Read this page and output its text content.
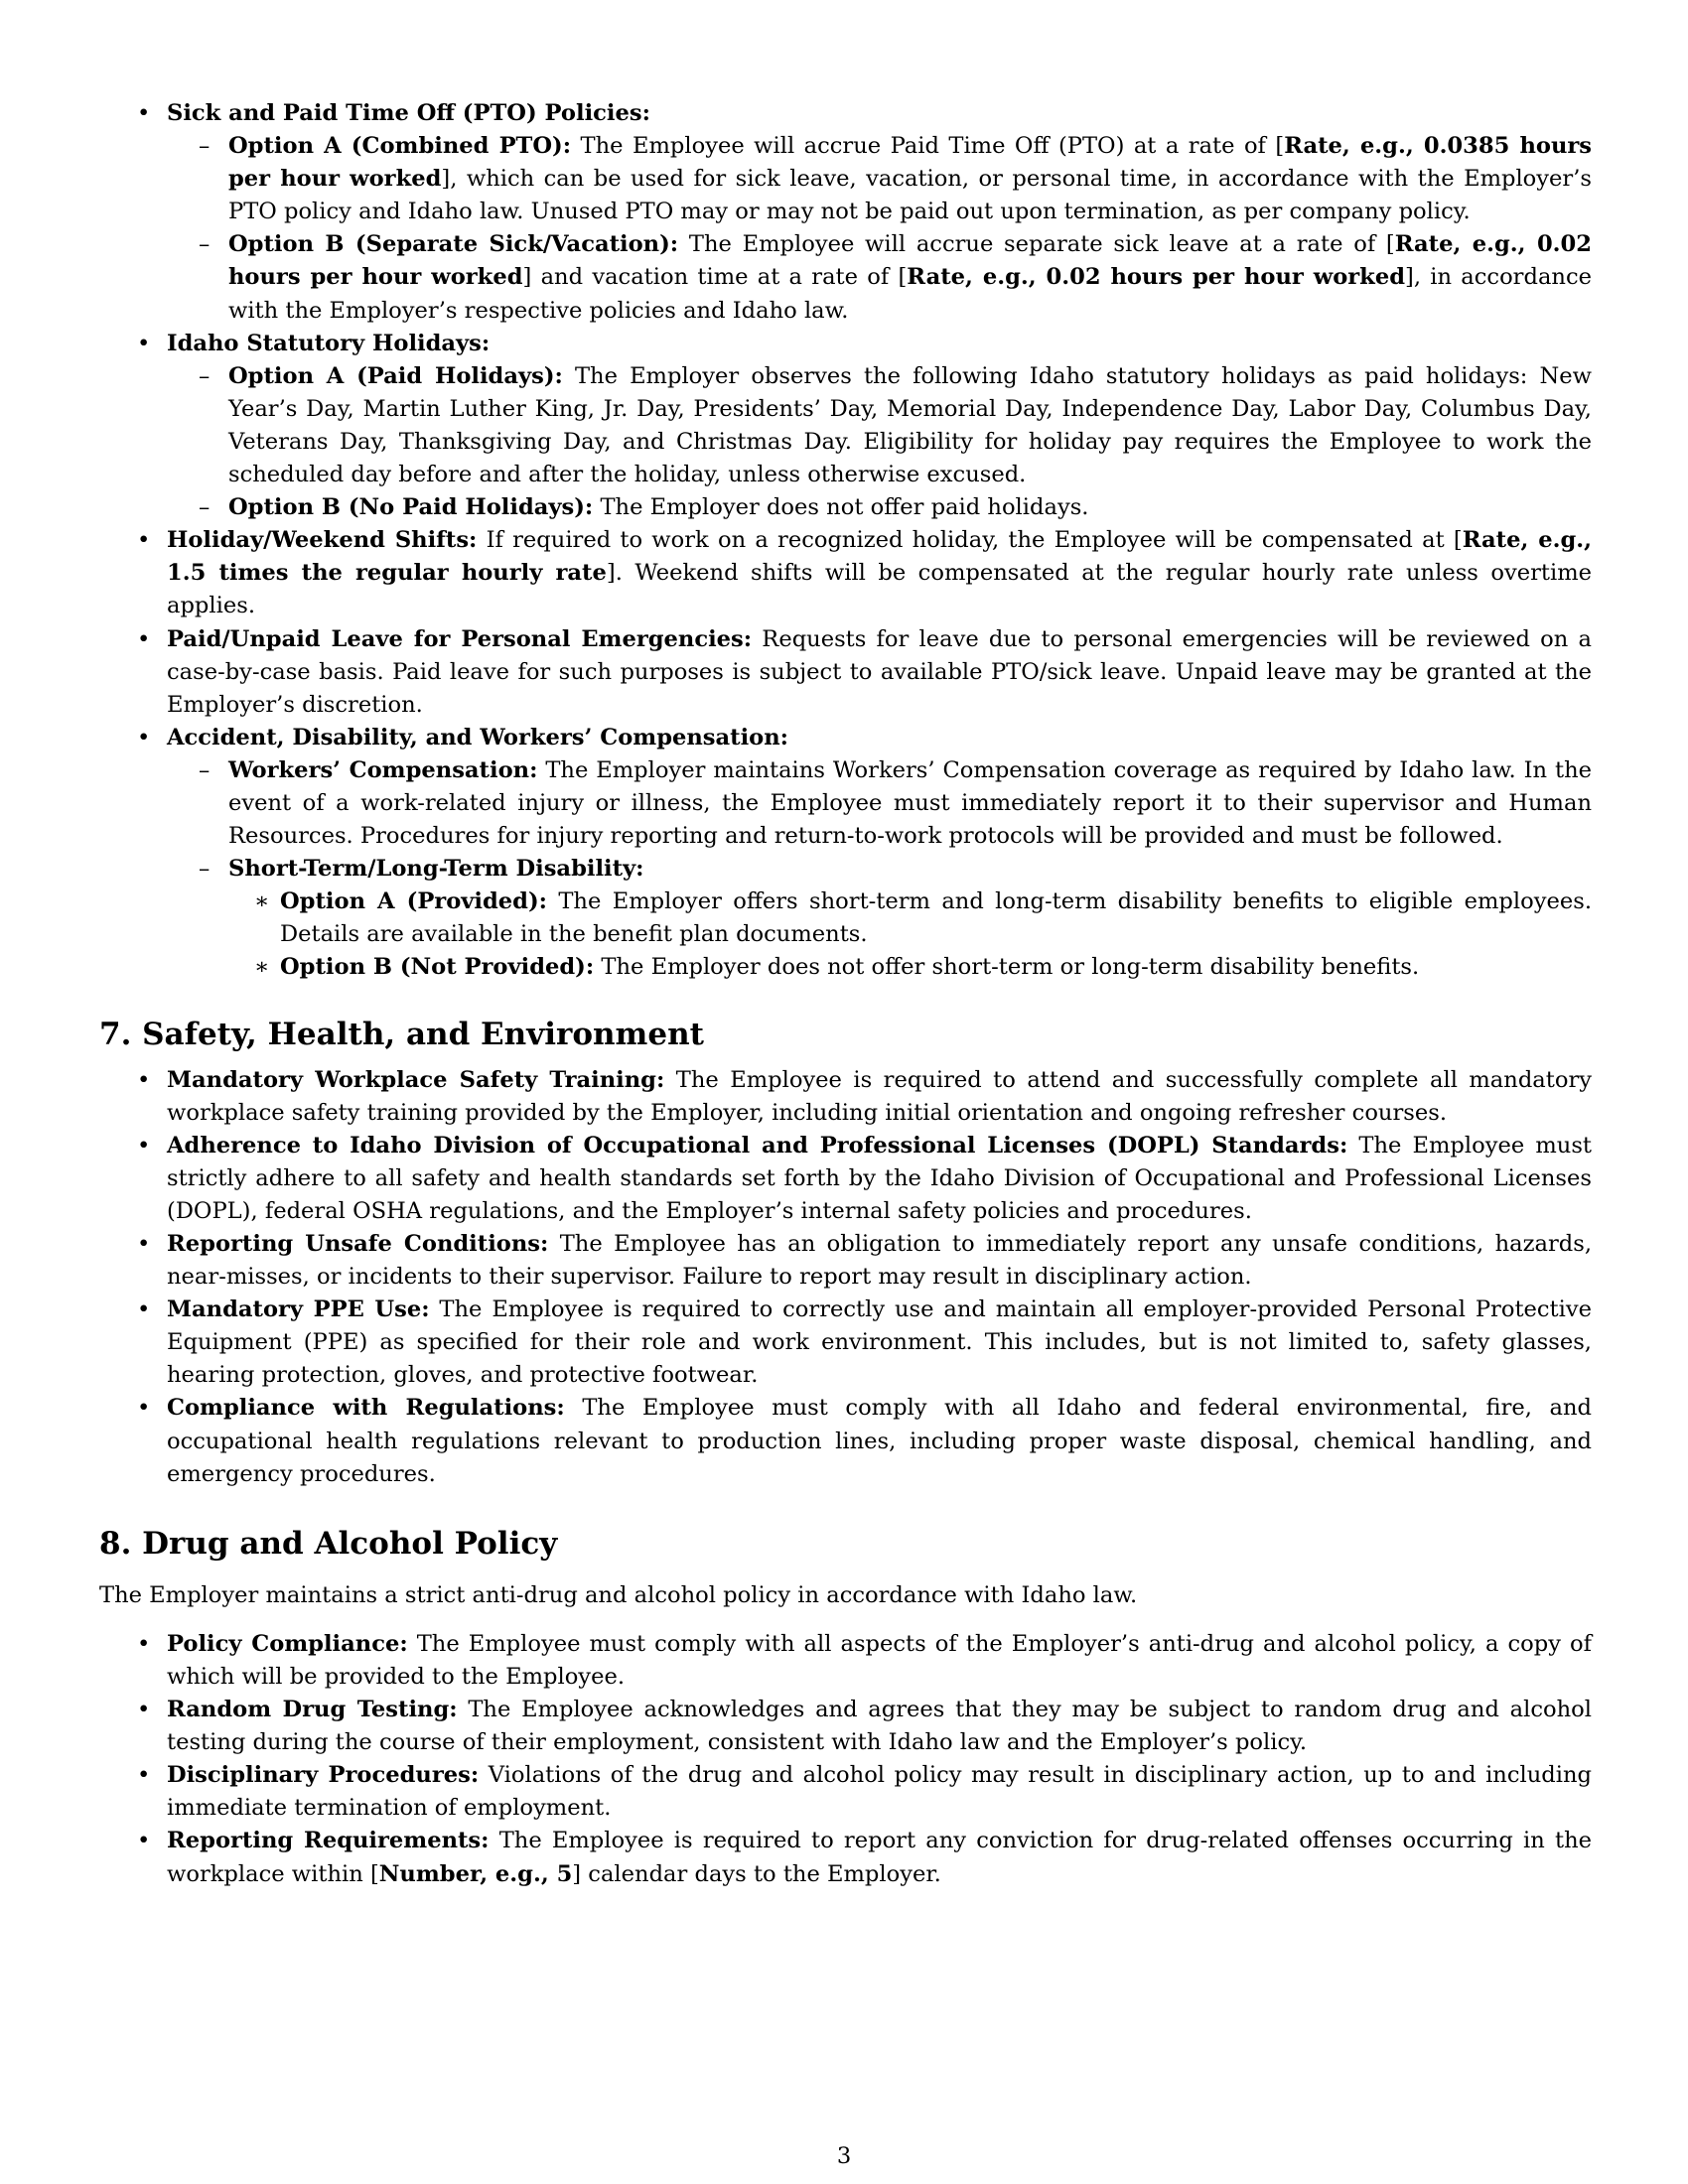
• Sick and Paid Time Off (PTO) Policies:
– Option A (Combined PTO): The Employee will accrue Paid Time Off (PTO) at a rate of [Rate, e.g., 0.0385 hours per hour worked], which can be used for sick leave, vacation, or personal time, in accordance with the Employer’s PTO policy and Idaho law. Unused PTO may or may not be paid out upon termination, as per company policy.
– Option B (Separate Sick/Vacation): The Employee will accrue separate sick leave at a rate of [Rate, e.g., 0.02 hours per hour worked] and vacation time at a rate of [Rate, e.g., 0.02 hours per hour worked], in accordance with the Employer’s respective policies and Idaho law.
• Idaho Statutory Holidays:
– Option A (Paid Holidays): The Employer observes the following Idaho statutory holidays as paid holidays: New Year’s Day, Martin Luther King, Jr. Day, Presidents’ Day, Memorial Day, Independence Day, Labor Day, Columbus Day, Veterans Day, Thanksgiving Day, and Christmas Day. Eligibility for holiday pay requires the Employee to work the scheduled day before and after the holiday, unless otherwise excused.
– Option B (No Paid Holidays): The Employer does not offer paid holidays.
• Holiday/Weekend Shifts: If required to work on a recognized holiday, the Employee will be compensated at [Rate, e.g., 1.5 times the regular hourly rate]. Weekend shifts will be compensated at the regular hourly rate unless overtime applies.
• Paid/Unpaid Leave for Personal Emergencies: Requests for leave due to personal emergencies will be reviewed on a case-by-case basis. Paid leave for such purposes is subject to available PTO/sick leave. Unpaid leave may be granted at the Employer’s discretion.
• Accident, Disability, and Workers’ Compensation:
– Workers’ Compensation: The Employer maintains Workers’ Compensation coverage as required by Idaho law. In the event of a work-related injury or illness, the Employee must immediately report it to their supervisor and Human Resources. Procedures for injury reporting and return-to-work protocols will be provided and must be followed.
– Short-Term/Long-Term Disability:
∗ Option A (Provided): The Employer offers short-term and long-term disability benefits to eligible employees. Details are available in the benefit plan documents.
∗ Option B (Not Provided): The Employer does not offer short-term or long-term disability benefits.
7. Safety, Health, and Environment
• Mandatory Workplace Safety Training: The Employee is required to attend and successfully complete all mandatory workplace safety training provided by the Employer, including initial orientation and ongoing refresher courses.
• Adherence to Idaho Division of Occupational and Professional Licenses (DOPL) Standards: The Employee must strictly adhere to all safety and health standards set forth by the Idaho Division of Occupational and Professional Licenses (DOPL), federal OSHA regulations, and the Employer’s internal safety policies and procedures.
• Reporting Unsafe Conditions: The Employee has an obligation to immediately report any unsafe conditions, hazards, near-misses, or incidents to their supervisor. Failure to report may result in disciplinary action.
• Mandatory PPE Use: The Employee is required to correctly use and maintain all employer-provided Personal Protective Equipment (PPE) as specified for their role and work environment. This includes, but is not limited to, safety glasses, hearing protection, gloves, and protective footwear.
• Compliance with Regulations: The Employee must comply with all Idaho and federal environmental, fire, and occupational health regulations relevant to production lines, including proper waste disposal, chemical handling, and emergency procedures.
8. Drug and Alcohol Policy

The Employer maintains a strict anti-drug and alcohol policy in accordance with Idaho law.

• Policy Compliance: The Employee must comply with all aspects of the Employer’s anti-drug and alcohol policy, a copy of which will be provided to the Employee.
• Random Drug Testing: The Employee acknowledges and agrees that they may be subject to random drug and alcohol testing during the course of their employment, consistent with Idaho law and the Employer’s policy.
• Disciplinary Procedures: Violations of the drug and alcohol policy may result in disciplinary action, up to and including immediate termination of employment.
• Reporting Requirements: The Employee is required to report any conviction for drug-related offenses occurring in the workplace within [Number, e.g., 5] calendar days to the Employer.
3
